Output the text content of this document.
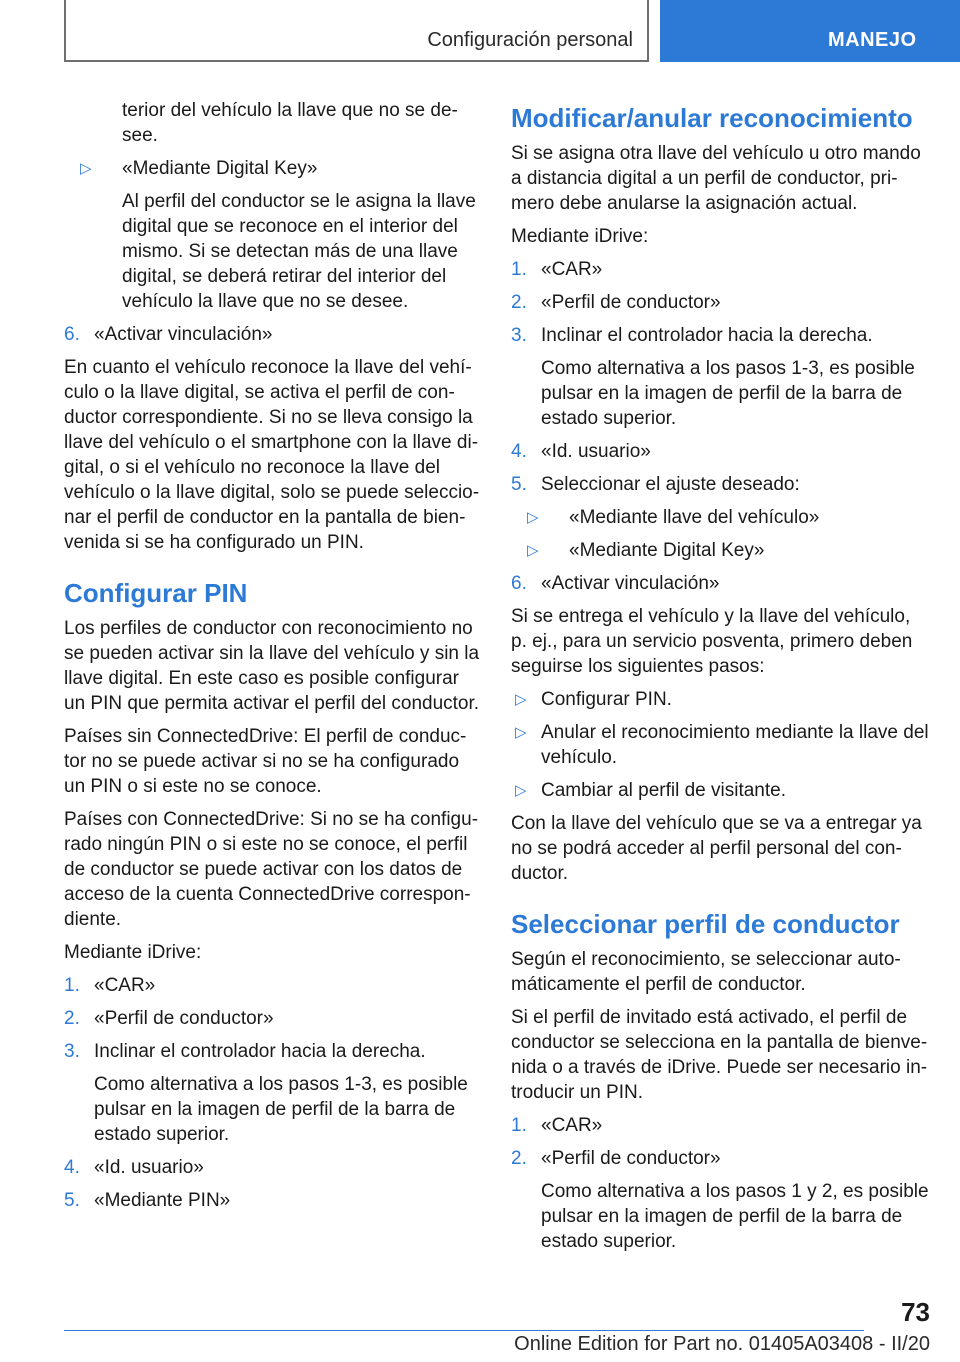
Configuración personal	MANEJO

terior del vehículo la llave que no se desee.

▷ «Mediante Digital Key»

Al perfil del conductor se le asigna la llave digital que se reconoce en el interior del mismo. Si se detectan más de una llave digital, se deberá retirar del interior del vehículo la llave que no se desee.

6. «Activar vinculación»

En cuanto el vehículo reconoce la llave del vehículo o la llave digital, se activa el perfil de conductor correspondiente. Si no se lleva consigo la llave del vehículo o el smartphone con la llave digital, o si el vehículo no reconoce la llave del vehículo o la llave digital, solo se puede seleccionar el perfil de conductor en la pantalla de bienvenida si se ha configurado un PIN.

Configurar PIN

Los perfiles de conductor con reconocimiento no se pueden activar sin la llave del vehículo y sin la llave digital. En este caso es posible configurar un PIN que permita activar el perfil del conductor.

Países sin ConnectedDrive: El perfil de conductor no se puede activar si no se ha configurado un PIN o si este no se conoce.

Países con ConnectedDrive: Si no se ha configurado ningún PIN o si este no se conoce, el perfil de conductor se puede activar con los datos de acceso de la cuenta ConnectedDrive correspondiente.

Mediante iDrive:

1. «CAR»
2. «Perfil de conductor»
3. Inclinar el controlador hacia la derecha.

Como alternativa a los pasos 1‑3, es posible pulsar en la imagen de perfil de la barra de estado superior.

4. «Id. usuario»
5. «Mediante PIN»
Modificar/anular reconocimiento

Si se asigna otra llave del vehículo u otro mando a distancia digital a un perfil de conductor, primero debe anularse la asignación actual.

Mediante iDrive:

1. «CAR»
2. «Perfil de conductor»
3. Inclinar el controlador hacia la derecha.

Como alternativa a los pasos 1‑3, es posible pulsar en la imagen de perfil de la barra de estado superior.

4. «Id. usuario»
5. Seleccionar el ajuste deseado:
▷ «Mediante llave del vehículo»
▷ «Mediante Digital Key»
6. «Activar vinculación»

Si se entrega el vehículo y la llave del vehículo, p. ej., para un servicio posventa, primero deben seguirse los siguientes pasos:

▷ Configurar PIN.
▷ Anular el reconocimiento mediante la llave del vehículo.
▷ Cambiar al perfil de visitante.

Con la llave del vehículo que se va a entregar ya no se podrá acceder al perfil personal del conductor.

Seleccionar perfil de conductor

Según el reconocimiento, se seleccionar automáticamente el perfil de conductor.

Si el perfil de invitado está activado, el perfil de conductor se selecciona en la pantalla de bienvenida o a través de iDrive. Puede ser necesario introducir un PIN.

1. «CAR»
2. «Perfil de conductor»

Como alternativa a los pasos 1 y 2, es posible pulsar en la imagen de perfil de la barra de estado superior.

73
Online Edition for Part no. 01405A03408 - II/20
